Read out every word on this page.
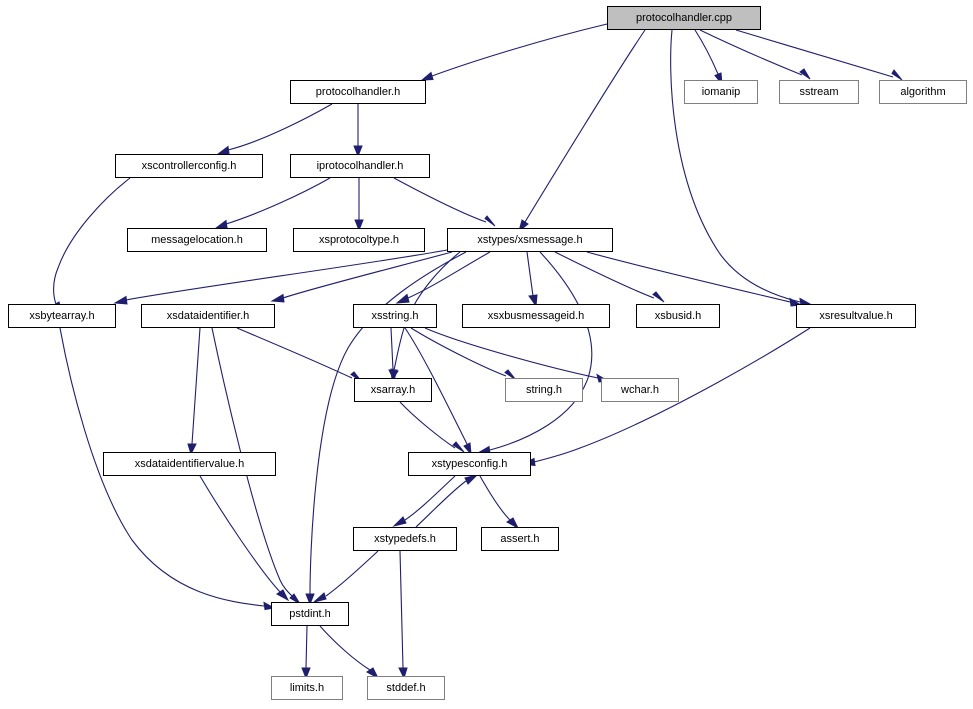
protocolhandler.cpp
protocolhandler.h	iomanip	sstream	algorithm
xscontrollerconfig.h	iprotocolhandler.h
messagelocation.h	xsprotocoltype.h	xstypes/xsmessage.h
xsbytearray.h	xsdataidentifier.h	xsstring.h	xsxbusmessageid.h	xsbusid.h	xsresultvalue.h
xsarray.h	string.h	wchar.h
xsdataidentifiervalue.h	xstypesconfig.h
xstypedefs.h	assert.h
pstdint.h
limits.h	stddef.h
